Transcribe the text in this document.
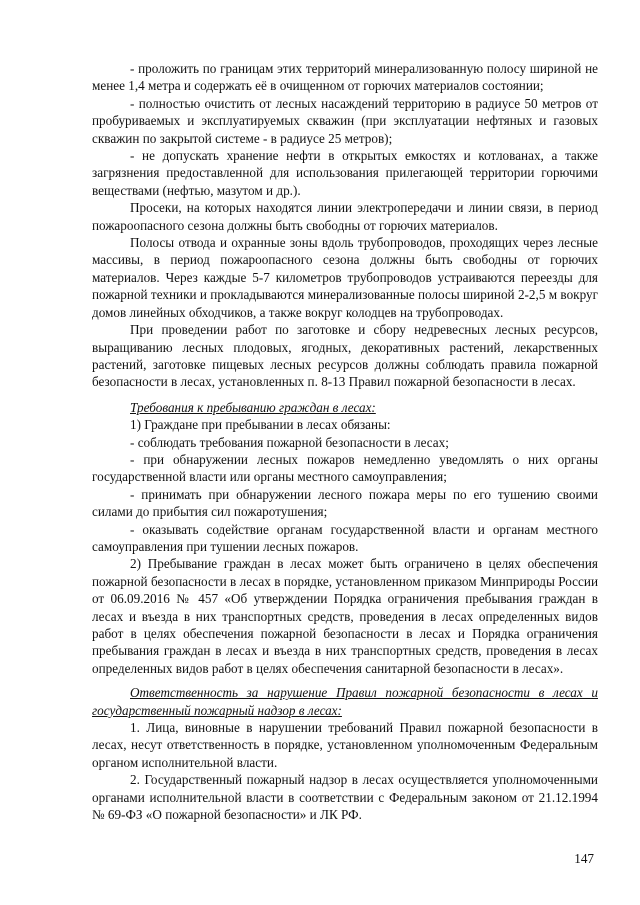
- проложить по границам этих территорий минерализованную полосу шириной не менее 1,4 метра и содержать её в очищенном от горючих материалов состоянии;

- полностью очистить от лесных насаждений территорию в радиусе 50 метров от пробуриваемых и эксплуатируемых скважин (при эксплуатации нефтяных и газовых скважин по закрытой системе - в радиусе 25 метров);

- не допускать хранение нефти в открытых емкостях и котлованах, а также загрязнения предоставленной для использования прилегающей территории горючими веществами (нефтью, мазутом и др.).

Просеки, на которых находятся линии электропередачи и линии связи, в период пожароопасного сезона должны быть свободны от горючих материалов.

Полосы отвода и охранные зоны вдоль трубопроводов, проходящих через лесные массивы, в период пожароопасного сезона должны быть свободны от горючих материалов. Через каждые 5-7 километров трубопроводов устраиваются переезды для пожарной техники и прокладываются минерализованные полосы шириной 2-2,5 м вокруг домов линейных обходчиков, а также вокруг колодцев на трубопроводах.

При проведении работ по заготовке и сбору недревесных лесных ресурсов, выращиванию лесных плодовых, ягодных, декоративных растений, лекарственных растений, заготовке пищевых лесных ресурсов должны соблюдать правила пожарной безопасности в лесах, установленных п. 8-13 Правил пожарной безопасности в лесах.

Требования к пребыванию граждан в лесах:

1) Граждане при пребывании в лесах обязаны:

- соблюдать требования пожарной безопасности в лесах;

- при обнаружении лесных пожаров немедленно уведомлять о них органы государственной власти или органы местного самоуправления;

- принимать при обнаружении лесного пожара меры по его тушению своими силами до прибытия сил пожаротушения;

- оказывать содействие органам государственной власти и органам местного самоуправления при тушении лесных пожаров.

2) Пребывание граждан в лесах может быть ограничено в целях обеспечения пожарной безопасности в лесах в порядке, установленном приказом Минприроды России от 06.09.2016 № 457 «Об утверждении Порядка ограничения пребывания граждан в лесах и въезда в них транспортных средств, проведения в лесах определенных видов работ в целях обеспечения пожарной безопасности в лесах и Порядка ограничения пребывания граждан в лесах и въезда в них транспортных средств, проведения в лесах определенных видов работ в целях обеспечения санитарной безопасности в лесах».

Ответственность за нарушение Правил пожарной безопасности в лесах и государственный пожарный надзор в лесах:

1. Лица, виновные в нарушении требований Правил пожарной безопасности в лесах, несут ответственность в порядке, установленном уполномоченным Федеральным органом исполнительной власти.

2. Государственный пожарный надзор в лесах осуществляется уполномоченными органами исполнительной власти в соответствии с Федеральным законом от 21.12.1994 № 69-ФЗ «О пожарной безопасности» и ЛК РФ.

147
